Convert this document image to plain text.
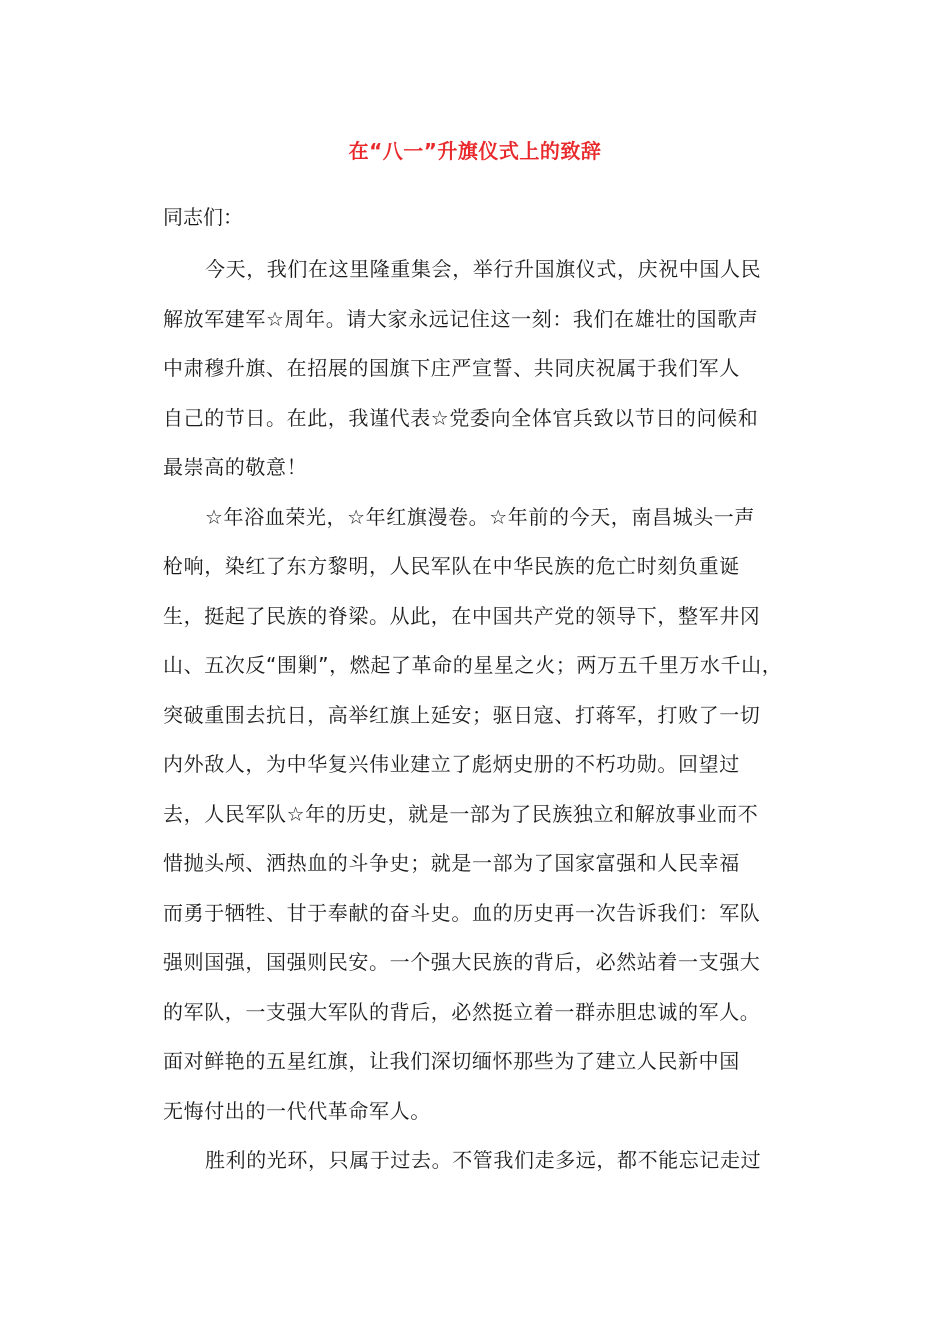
在“八一”升旗仪式上的致辞
同志们：
今天，我们在这里隆重集会，举行升国旗仪式，庆祝中国人民
解放军建军☆周年。请大家永远记住这一刻：我们在雄壮的国歌声
中肃穆升旗、在招展的国旗下庄严宣誓、共同庆祝属于我们军人
自己的节日。在此，我谨代表☆党委向全体官兵致以节日的问候和
最崇高的敬意！
☆年浴血荣光，☆年红旗漫卷。☆年前的今天，南昌城头一声
枪响，染红了东方黎明，人民军队在中华民族的危亡时刻负重诞
生，挺起了民族的脊梁。从此，在中国共产党的领导下，整军井冈
山、五次反“围剿”，燃起了革命的星星之火；两万五千里万水千山，
突破重围去抗日，高举红旗上延安；驱日寇、打蒋军，打败了一切
内外敌人，为中华复兴伟业建立了彪炳史册的不朽功勋。回望过
去，人民军队☆年的历史，就是一部为了民族独立和解放事业而不
惜抛头颅、洒热血的斗争史；就是一部为了国家富强和人民幸福
而勇于牺牲、甘于奉献的奋斗史。血的历史再一次告诉我们：军队
强则国强，国强则民安。一个强大民族的背后，必然站着一支强大
的军队，一支强大军队的背后，必然挺立着一群赤胆忠诚的军人。
面对鲜艳的五星红旗，让我们深切缅怀那些为了建立人民新中国
无悔付出的一代代革命军人。
胜利的光环，只属于过去。不管我们走多远，都不能忘记走过
